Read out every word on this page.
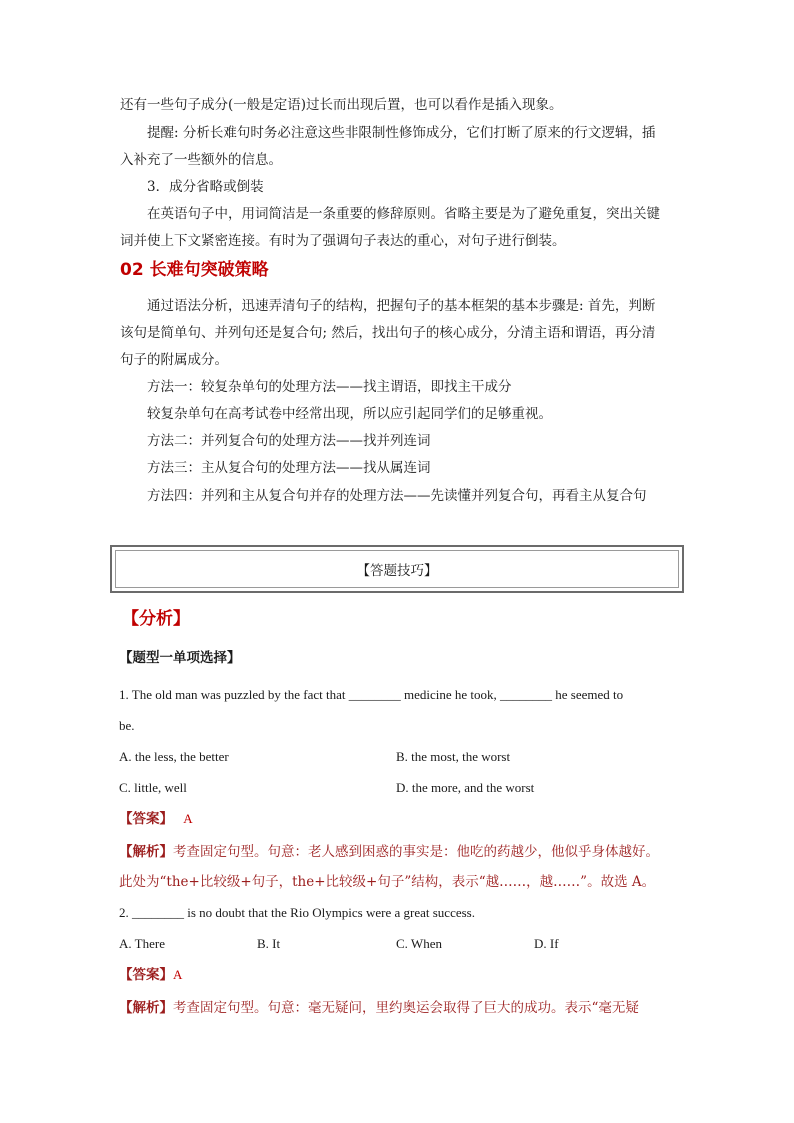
还有一些句子成分(一般是定语)过长而出现后置，也可以看作是插入现象。
提醒: 分析长难句时务必注意这些非限制性修饰成分，它们打断了原来的行文逻辑，插
入补充了一些额外的信息。
3．成分省略或倒装
在英语句子中，用词简洁是一条重要的修辞原则。省略主要是为了避免重复，突出关键
词并使上下文紧密连接。有时为了强调句子表达的重心，对句子进行倒装。
02 长难句突破策略
通过语法分析，迅速弄清句子的结构，把握句子的基本框架的基本步骤是: 首先，判断
该句是简单句、并列句还是复合句; 然后，找出句子的核心成分，分清主语和谓语，再分清
句子的附属成分。
方法一：较复杂单句的处理方法——找主谓语，即找主干成分
较复杂单句在高考试卷中经常出现，所以应引起同学们的足够重视。
方法二：并列复合句的处理方法——找并列连词
方法三：主从复合句的处理方法——找从属连词
方法四：并列和主从复合句并存的处理方法——先读懂并列复合句，再看主从复合句
【答题技巧】
【分析】
【题型一单项选择】
1. The old man was puzzled by the fact that ________ medicine he took, ________ he seemed to
be.
A. the less, the better	B. the most, the worst
C. little, well	D. the more, and the worst
【答案】 A
【解析】考查固定句型。句意：老人感到困惑的事实是：他吃的药越少，他似乎身体越好。
此处为“the+比较级+句子，the+比较级+句子”结构，表示“越……，越……”。故选 A。
2. ________ is no doubt that the Rio Olympics were a great success.
A. There	B. It	C. When	D. If
【答案】A
【解析】考查固定句型。句意：毫无疑问，里约奥运会取得了巨大的成功。表示“毫无疑
